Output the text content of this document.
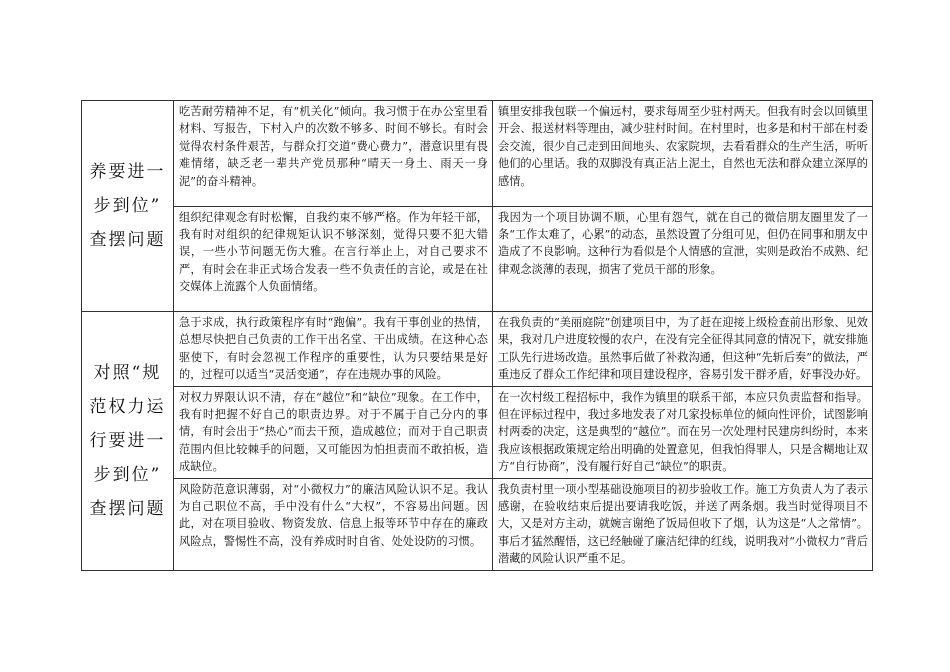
养要进一
步到位”
查摆问题	吃苦耐劳精神不足，有“机关化”倾向。我习惯于在办公室里看材料、写报告，下村入户的次数不够多、时间不够长。有时会觉得农村条件艰苦，与群众打交道“费心费力”，潜意识里有畏难情绪，缺乏老一辈共产党员那种“晴天一身土、雨天一身泥”的奋斗精神。	镇里安排我包联一个偏远村，要求每周至少驻村两天。但我有时会以回镇里开会、报送材料等理由，减少驻村时间。在村里时，也多是和村干部在村委会交流，很少自己走到田间地头、农家院坝，去看看群众的生产生活，听听他们的心里话。我的双脚没有真正沾上泥土，自然也无法和群众建立深厚的感情。
	组织纪律观念有时松懈，自我约束不够严格。作为年轻干部，我有时对组织的纪律规矩认识不够深刻，觉得只要不犯大错误，一些小节问题无伤大雅。在言行举止上，对自己要求不严，有时会在非正式场合发表一些不负责任的言论，或是在社交媒体上流露个人负面情绪。	我因为一个项目协调不顺，心里有怨气，就在自己的微信朋友圈里发了一条“工作太难了，心累”的动态，虽然设置了分组可见，但仍在同事和朋友中造成了不良影响。这种行为看似是个人情感的宣泄，实则是政治不成熟、纪律观念淡薄的表现，损害了党员干部的形象。

对照“规
范权力运
行要进一
步到位”
查摆问题	急于求成，执行政策程序有时“跑偏”。我有干事创业的热情，总想尽快把自己负责的工作干出名堂、干出成绩。在这种心态驱使下，有时会忽视工作程序的重要性，认为只要结果是好的，过程可以适当“灵活变通”，存在违规办事的风险。	在我负责的“美丽庭院”创建项目中，为了赶在迎接上级检查前出形象、见效果，我对几户进度较慢的农户，在没有完全征得其同意的情况下，就安排施工队先行进场改造。虽然事后做了补救沟通，但这种“先斩后奏”的做法，严重违反了群众工作纪律和项目建设程序，容易引发干群矛盾，好事没办好。
	对权力界限认识不清，存在“越位”和“缺位”现象。在工作中，我有时把握不好自己的职责边界。对于不属于自己分内的事情，有时会出于“热心”而去干预，造成越位；而对于自己职责范围内但比较棘手的问题，又可能因为怕担责而不敢拍板，造成缺位。	在一次村级工程招标中，我作为镇里的联系干部，本应只负责监督和指导。但在评标过程中，我过多地发表了对几家投标单位的倾向性评价，试图影响村两委的决定，这是典型的“越位”。而在另一次处理村民建房纠纷时，本来我应该根据政策规定给出明确的处置意见，但我怕得罪人，只是含糊地让双方“自行协商”，没有履行好自己“缺位”的职责。
	风险防范意识薄弱，对“小微权力”的廉洁风险认识不足。我认为自己职位不高，手中没有什么“大权”，不容易出问题。因此，对在项目验收、物资发放、信息上报等环节中存在的廉政风险点，警惕性不高，没有养成时时自省、处处设防的习惯。	我负责村里一项小型基础设施项目的初步验收工作。施工方负责人为了表示感谢，在验收结束后提出要请我吃饭，并送了两条烟。我当时觉得项目不大，又是对方主动，就婉言谢绝了饭局但收下了烟，认为这是“人之常情”。事后才猛然醒悟，这已经触碰了廉洁纪律的红线，说明我对“小微权力”背后潜藏的风险认识严重不足。
